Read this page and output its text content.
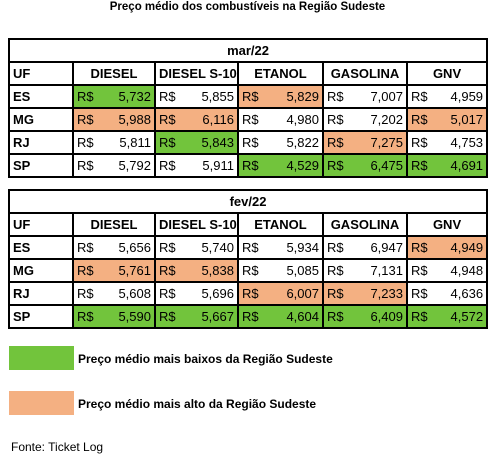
Preço médio dos combustíveis na Região Sudeste
mar/22					
UF	DIESEL	DIESEL S-10	ETANOL	GASOLINA	GNV
ES	R$ 5,732	R$ 5,855	R$ 5,829	R$ 7,007	R$ 4,959

MG	R$ 5,988	R$ 6,116	R$ 4,980	R$ 7,202	R$ 5,017

RJ	R$ 5,811	R$ 5,843	R$ 5,822	R$ 7,275	R$ 4,753

SP	R$ 5,792	R$ 5,911	R$ 4,529	R$ 6,475	R$ 4,691
fev/22					
UF	DIESEL	DIESEL S-10	ETANOL	GASOLINA	GNV
ES	R$ 5,656	R$ 5,740	R$ 5,934	R$ 6,947	R$ 4,949

MG	R$ 5,761	R$ 5,838	R$ 5,085	R$ 7,131	R$ 4,948

RJ	R$ 5,608	R$ 5,696	R$ 6,007	R$ 7,233	R$ 4,636

SP	R$ 5,590	R$ 5,667	R$ 4,604	R$ 6,409	R$ 4,572
Preço médio mais baixos da Região Sudeste
Preço médio mais alto da Região Sudeste
Fonte: Ticket Log
